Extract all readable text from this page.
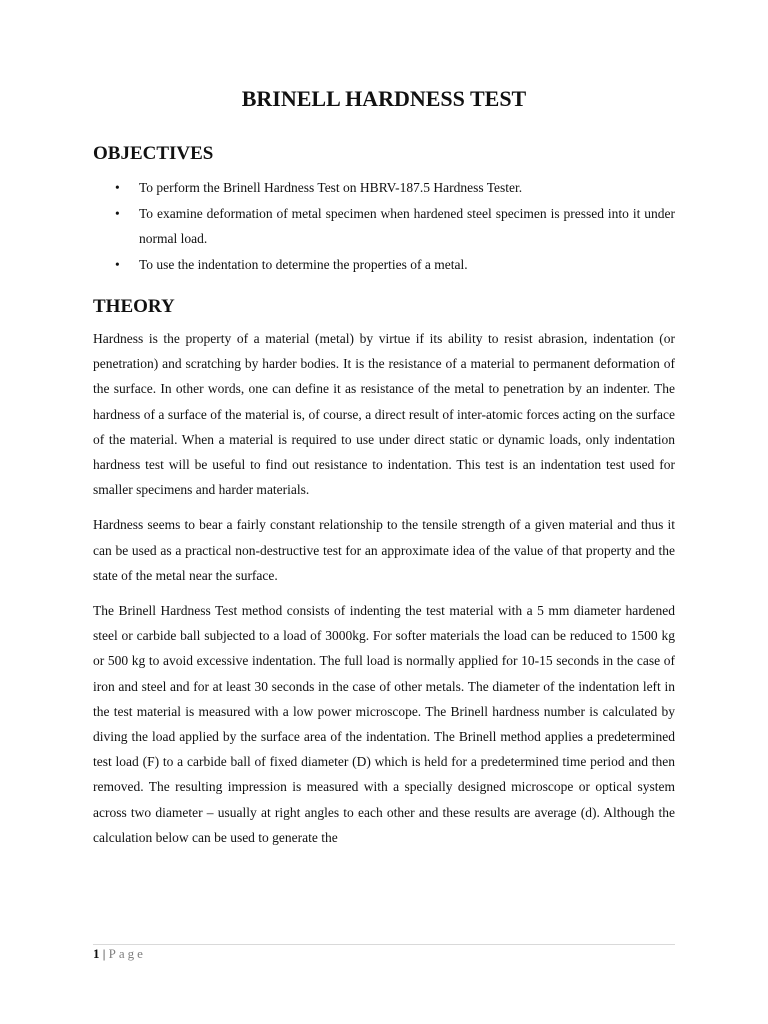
BRINELL HARDNESS TEST
OBJECTIVES
• To perform the Brinell Hardness Test on HBRV-187.5 Hardness Tester.
• To examine deformation of metal specimen when hardened steel specimen is pressed into it under normal load.
• To use the indentation to determine the properties of a metal.
THEORY

Hardness is the property of a material (metal) by virtue if its ability to resist abrasion, indentation (or penetration) and scratching by harder bodies. It is the resistance of a material to permanent deformation of the surface. In other words, one can define it as resistance of the metal to penetration by an indenter. The hardness of a surface of the material is, of course, a direct result of inter-atomic forces acting on the surface of the material. When a material is required to use under direct static or dynamic loads, only indentation hardness test will be useful to find out resistance to indentation. This test is an indentation test used for smaller specimens and harder materials.

Hardness seems to bear a fairly constant relationship to the tensile strength of a given material and thus it can be used as a practical non-destructive test for an approximate idea of the value of that property and the state of the metal near the surface.

The Brinell Hardness Test method consists of indenting the test material with a 5 mm diameter hardened steel or carbide ball subjected to a load of 3000kg. For softer materials the load can be reduced to 1500 kg or 500 kg to avoid excessive indentation. The full load is normally applied for 10-15 seconds in the case of iron and steel and for at least 30 seconds in the case of other metals. The diameter of the indentation left in the test material is measured with a low power microscope. The Brinell hardness number is calculated by diving the load applied by the surface area of the indentation. The Brinell method applies a predetermined test load (F) to a carbide ball of fixed diameter (D) which is held for a predetermined time period and then removed. The resulting impression is measured with a specially designed microscope or optical system across two diameter – usually at right angles to each other and these results are average (d). Although the calculation below can be used to generate the

1 | Page
